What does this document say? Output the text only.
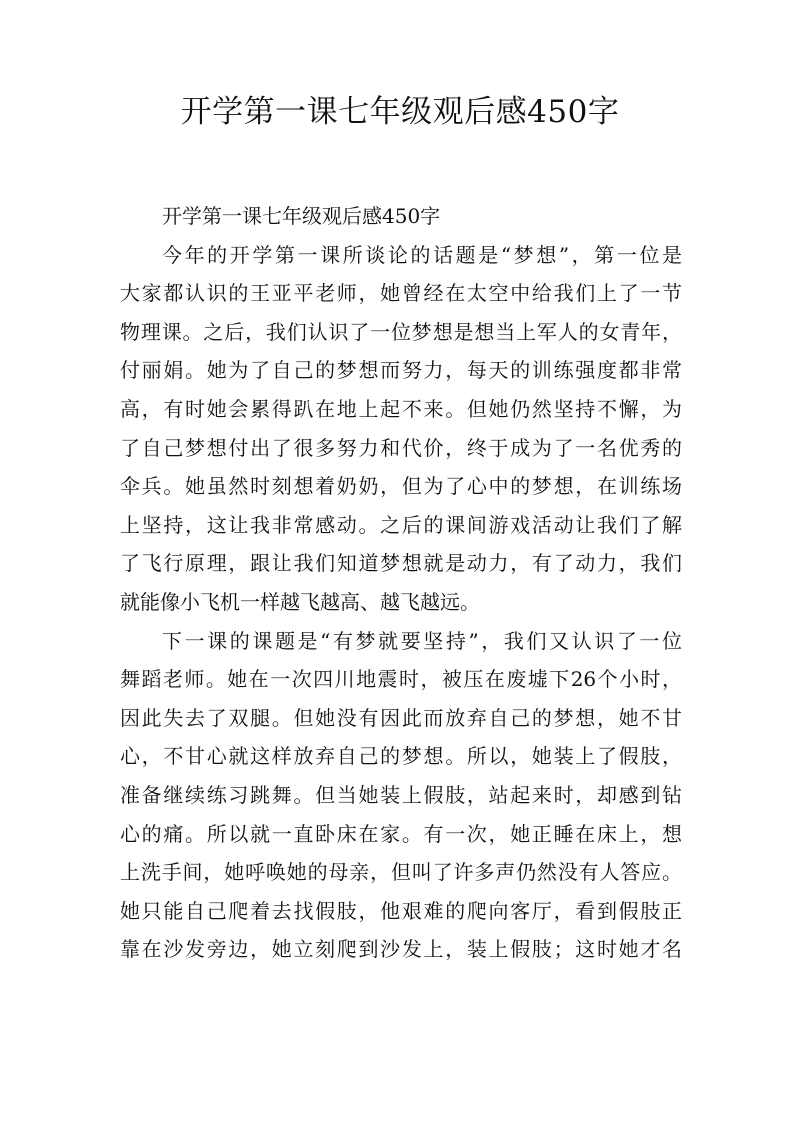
开学第一课七年级观后感450字
开学第一课七年级观后感450字
今年的开学第一课所谈论的话题是“梦想”，第一位是
大家都认识的王亚平老师，她曾经在太空中给我们上了一节
物理课。之后，我们认识了一位梦想是想当上军人的女青年，
付丽娟。她为了自己的梦想而努力，每天的训练强度都非常
高，有时她会累得趴在地上起不来。但她仍然坚持不懈，为
了自己梦想付出了很多努力和代价，终于成为了一名优秀的
伞兵。她虽然时刻想着奶奶，但为了心中的梦想，在训练场
上坚持，这让我非常感动。之后的课间游戏活动让我们了解
了飞行原理，跟让我们知道梦想就是动力，有了动力，我们
就能像小飞机一样越飞越高、越飞越远。
下一课的课题是“有梦就要坚持”，我们又认识了一位
舞蹈老师。她在一次四川地震时，被压在废墟下26个小时，
因此失去了双腿。但她没有因此而放弃自己的梦想，她不甘
心，不甘心就这样放弃自己的梦想。所以，她装上了假肢，
准备继续练习跳舞。但当她装上假肢，站起来时，却感到钻
心的痛。所以就一直卧床在家。有一次，她正睡在床上，想
上洗手间，她呼唤她的母亲，但叫了许多声仍然没有人答应。
她只能自己爬着去找假肢，他艰难的爬向客厅，看到假肢正
靠在沙发旁边，她立刻爬到沙发上，装上假肢；这时她才名
